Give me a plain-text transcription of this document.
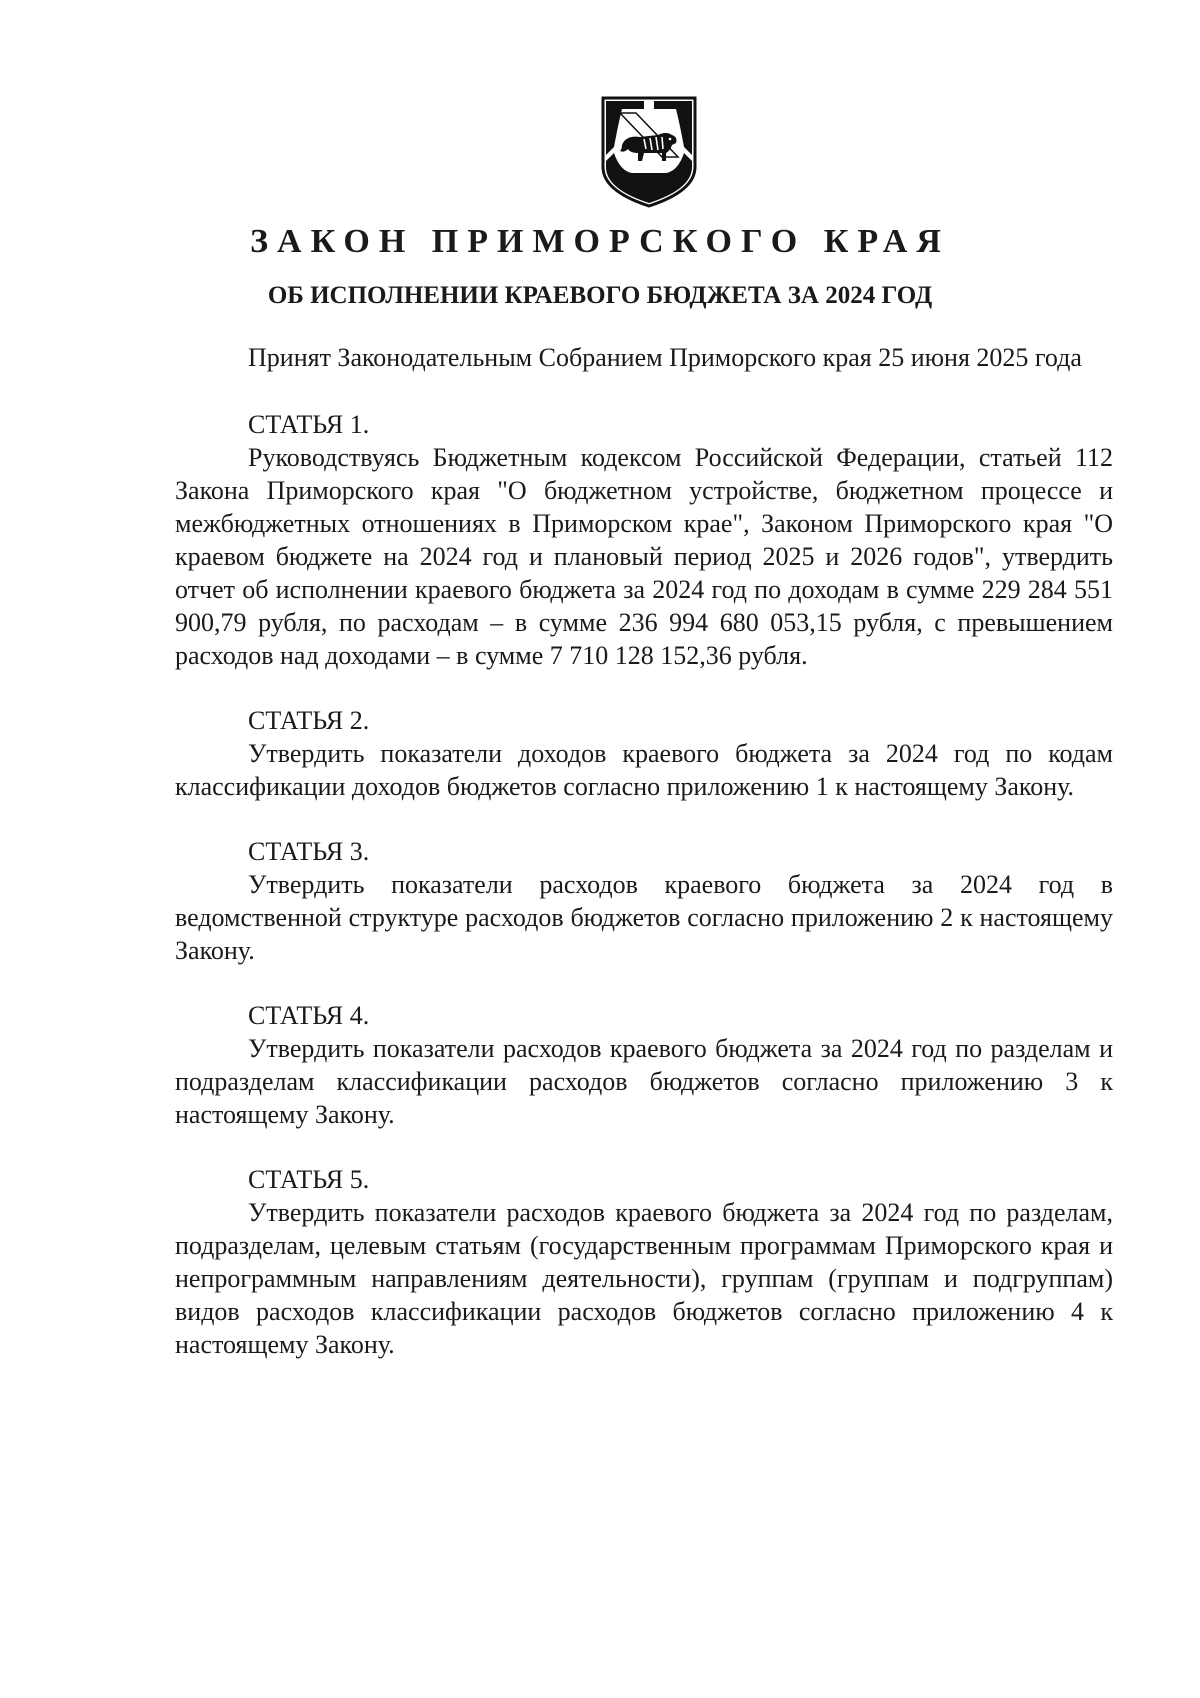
ЗАКОН ПРИМОРСКОГО КРАЯ
ОБ ИСПОЛНЕНИИ КРАЕВОГО БЮДЖЕТА ЗА 2024 ГОД

Принят Законодательным Собранием Приморского края 25 июня 2025 года

СТАТЬЯ 1.

Руководствуясь Бюджетным кодексом Российской Федерации, статьей 112 Закона Приморского края "О бюджетном устройстве, бюджетном процессе и межбюджетных отношениях в Приморском крае", Законом Приморского края "О краевом бюджете на 2024 год и плановый период 2025 и 2026 годов", утвердить отчет об исполнении краевого бюджета за 2024 год по доходам в сумме 229 284 551 900,79 рубля, по расходам – в сумме 236 994 680 053,15 рубля, с превышением расходов над доходами – в сумме 7 710 128 152,36 рубля.

СТАТЬЯ 2.

Утвердить показатели доходов краевого бюджета за 2024 год по кодам классификации доходов бюджетов согласно приложению 1 к настоящему Закону.

СТАТЬЯ 3.

Утвердить показатели расходов краевого бюджета за 2024 год в ведомственной структуре расходов бюджетов согласно приложению 2 к настоящему Закону.

СТАТЬЯ 4.

Утвердить показатели расходов краевого бюджета за 2024 год по разделам и подразделам классификации расходов бюджетов согласно приложению 3 к настоящему Закону.

СТАТЬЯ 5.

Утвердить показатели расходов краевого бюджета за 2024 год по разделам, подразделам, целевым статьям (государственным программам Приморского края и непрограммным направлениям деятельности), группам (группам и подгруппам) видов расходов классификации расходов бюджетов согласно приложению 4 к настоящему Закону.
